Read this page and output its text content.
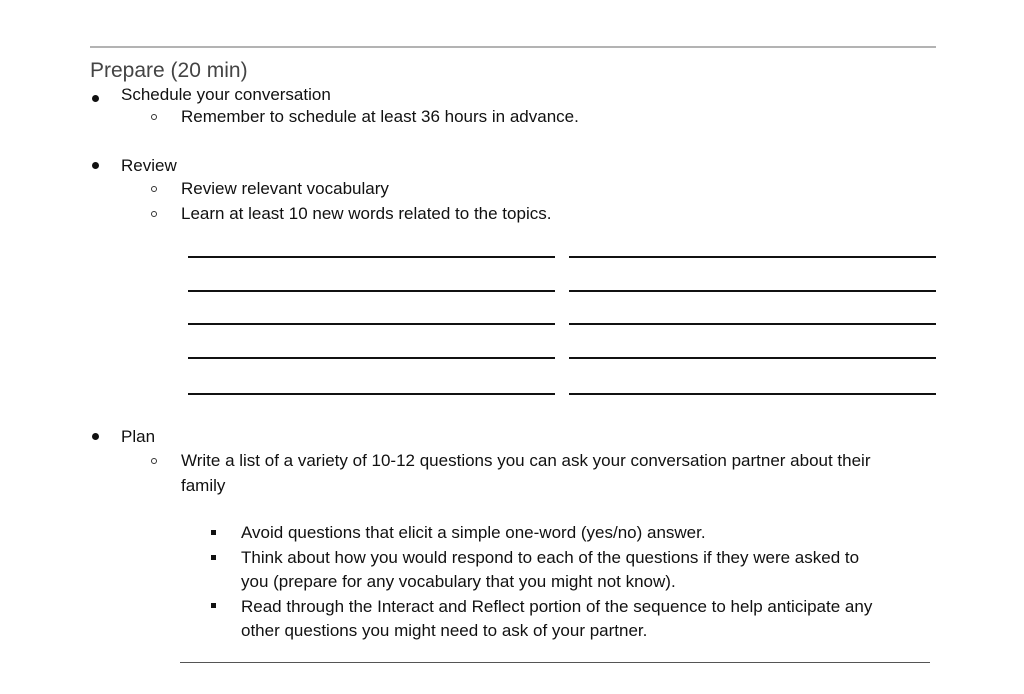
Prepare (20 min)
Schedule your conversation
Remember to schedule at least 36 hours in advance.
Review
Review relevant vocabulary
Learn at least 10 new words related to the topics.
Plan
Write a list of a variety of 10-12 questions you can ask your conversation partner about their
family
Avoid questions that elicit a simple one-word (yes/no) answer.
Think about how you would respond to each of the questions if they were asked to
you (prepare for any vocabulary that you might not know).
Read through the Interact and Reflect portion of the sequence to help anticipate any
other questions you might need to ask of your partner.
